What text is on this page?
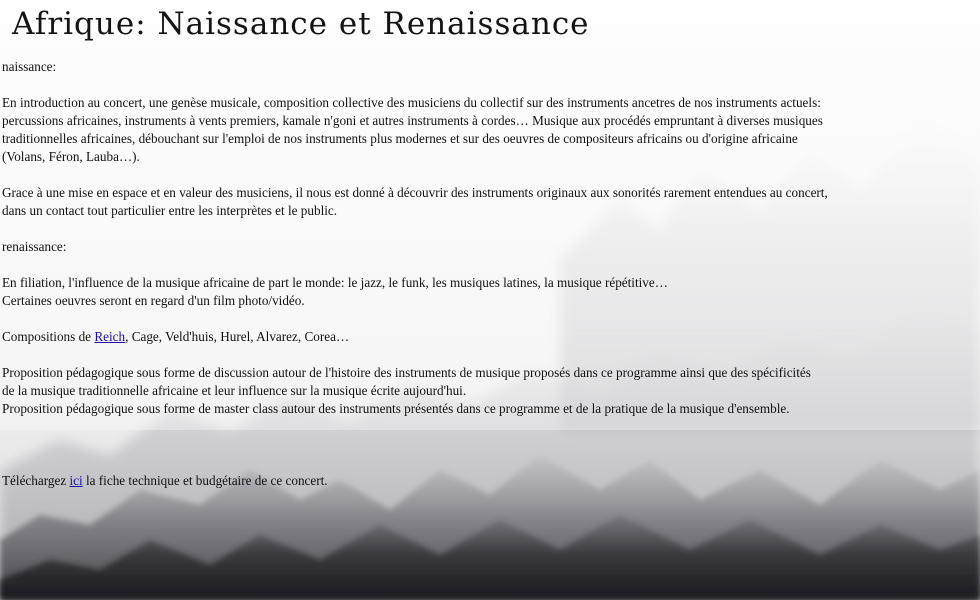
Afrique: Naissance et Renaissance
naissance:
En introduction au concert, une genèse musicale, composition collective des musiciens du collectif sur des instruments ancetres de nos instruments actuels:
percussions africaines, instruments à vents premiers, kamale n'goni et autres instruments à cordes… Musique aux procédés empruntant à diverses musiques
traditionnelles africaines, débouchant sur l'emploi de nos instruments plus modernes et sur des oeuvres de compositeurs africains ou d'origine africaine
(Volans, Féron, Lauba…).
Grace à une mise en espace et en valeur des musiciens, il nous est donné à découvrir des instruments originaux aux sonorités rarement entendues au concert,
dans un contact tout particulier entre les interprètes et le public.
renaissance:
En filiation, l'influence de la musique africaine de part le monde: le jazz, le funk, les musiques latines, la musique répétitive…
Certaines oeuvres seront en regard d'un film photo/vidéo.
Compositions de Reich, Cage, Veld'huis, Hurel, Alvarez, Corea…
Proposition pédagogique sous forme de discussion autour de l'histoire des instruments de musique proposés dans ce programme ainsi que des spécificités
de la musique traditionnelle africaine et leur influence sur la musique écrite aujourd'hui.
Proposition pédagogique sous forme de master class autour des instruments présentés dans ce programme et de la pratique de la musique d'ensemble.
Téléchargez ici la fiche technique et budgétaire de ce concert.
